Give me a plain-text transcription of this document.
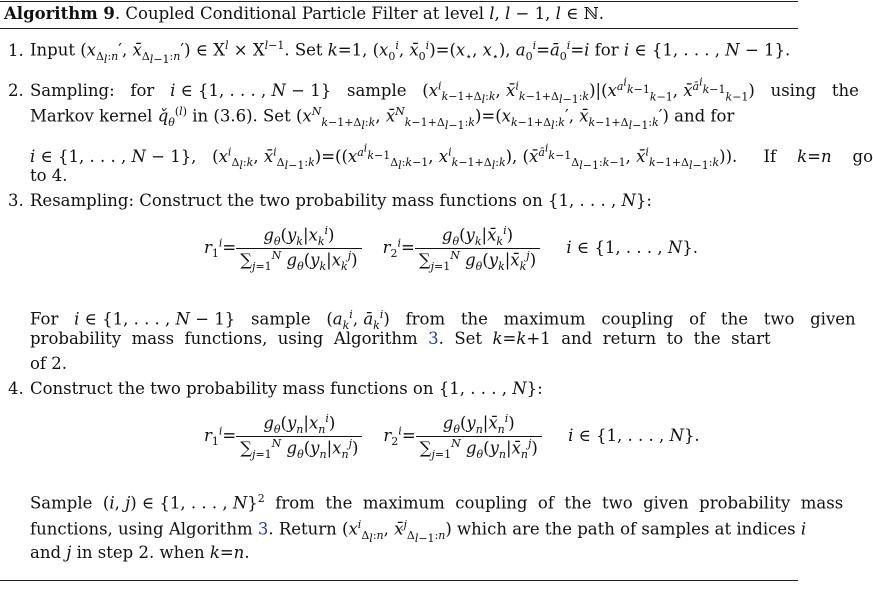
Algorithm 9. Coupled Conditional Particle Filter at level l, l − 1, l ∈ ℕ.
1. Input ($x_{\Delta_l:n}'$, $x̄_{\Delta_{l-1}:n}'$) ∈ $X^l \times X^{l-1}$. Set k=1, ($x_0^i$, $x̄_0^i)=(x_⋆$, $x_⋆$), $a_0^i=ā_0^i=i$ for i ∈ {1, . . . , N − 1}.
2. Sampling:   for   i ∈ {1, . . . , N − 1}   sample   ($x^i_{k-1+\Delta_l:k}$, $x̄^i_{k-1+\Delta_{l-1}:k})|(x^{a^i_{k-1}}_{k-1}$, x̄$^{ā^i_{k-1}}_{k-1}$)   using   the
Markov kernel $q̌_\theta^{(l)}$ in (3.6). Set ($x^N_{k-1+\Delta_l:k}$, $x̄^N_{k-1+\Delta_{l-1}:k})=(x_{k-1+\Delta_l:k}'$, $x̄_{k-1+\Delta_{l-1}:k}'$) and for
i ∈ {1, . . . , N − 1},   ($x^i_{\Delta_l:k}$, $x̄^i_{\Delta_{l-1}:k})=((x^{a^i_{k-1}}_{\Delta_l:k-1}$, $x^i_{k-1+\Delta_l:k}$), (x̄$^{ā^i_{k-1}}_{\Delta_{l-1}:k-1}$, x̄$^i_{k-1+\Delta_{l-1}:k}$)).     If    k=n    go
to 4.
3. Resampling: Construct the two probability mass functions on {1, . . . , N}:
$r_1^i= \frac{g_\theta(y_k|x_k^i)}{\sum_{j=1}^N g_\theta(y_k|x_k^j)} r_2^i= \frac{g_\theta(y_k|x̄_k^i)}{\sum_{j=1}^N g_\theta(y_k|x̄_k^j)}$ i ∈ {1, . . . , N}.
For   i ∈ {1, . . . , N − 1}   sample   ($a_k^i$, $ā_k^i$)   from   the   maximum   coupling   of   the   two   given
probability  mass  functions,  using  Algorithm  3.  Set  k=k+1  and  return  to  the  start
of 2.
4. Construct the two probability mass functions on {1, . . . , N}:
$r_1^i= \frac{g_\theta(y_n|x_n^i)}{\sum_{j=1}^N g_\theta(y_n|x_n^j)} r_2^i= \frac{g_\theta(y_n|x̄_n^i)}{\sum_{j=1}^N g_\theta(y_n|x̄_n^j)}$ i ∈ {1, . . . , N}.
Sample  (i, j) ∈ {1, . . . , N}$^2$  from  the  maximum  coupling  of  the  two  given  probability  mass
functions, using Algorithm 3. Return ($x^i_{\Delta_l:n}$, x̄$^j_{\Delta_{l-1}:n}$) which are the path of samples at indices i
and j in step 2. when k=n.
